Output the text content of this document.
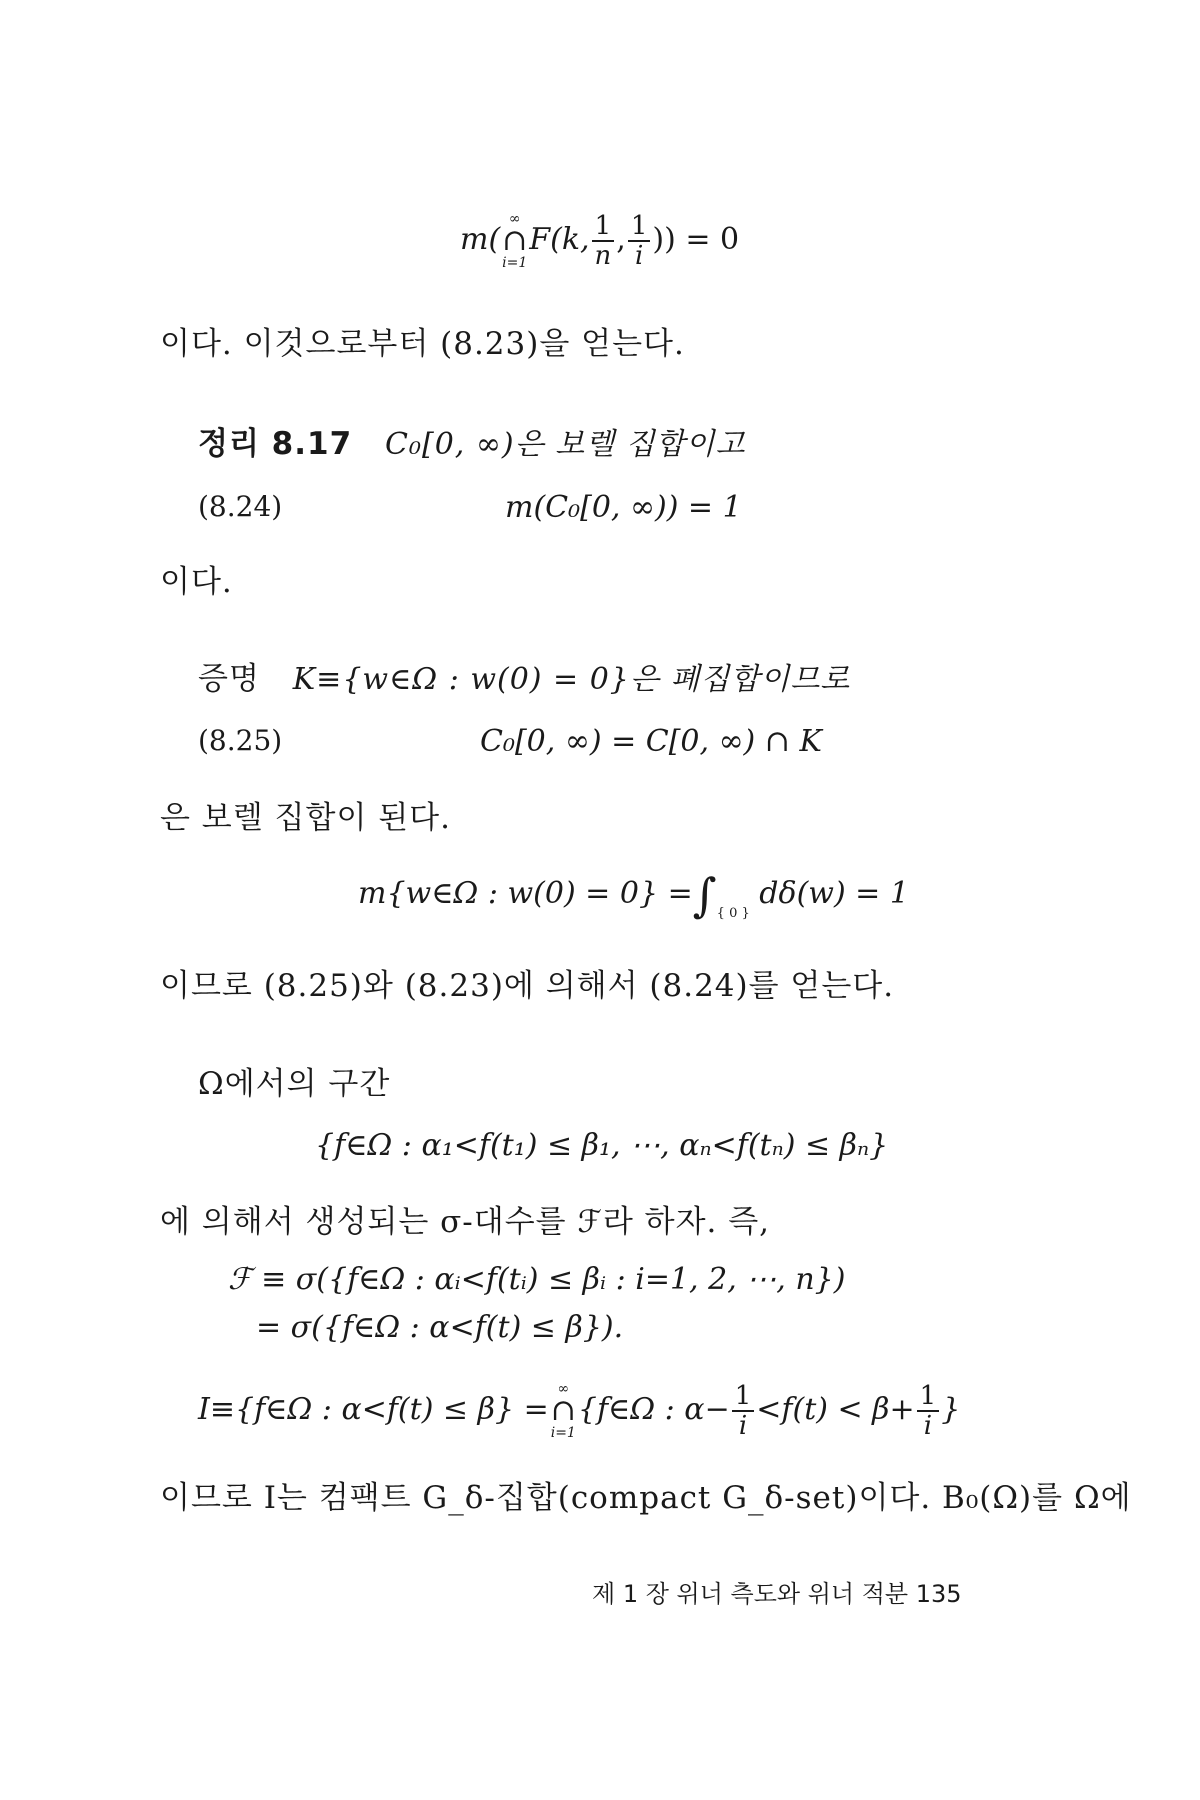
m(
∞
∩
i=1
F(k, $\frac{1}{n}$ , $\frac{1}{i}$ )) = 0
이다. 이것으로부터 (8.23)을 얻는다.
정리 8.17 C₀[0, ∞)은 보렐 집합이고
(8.24)	m(C₀[0, ∞)) = 1
이다.
증명 K≡{w∈Ω : w(0) = 0}은 폐집합이므로
(8.25)	C₀[0, ∞) = C[0, ∞) ∩ K
은 보렐 집합이 된다.
m{w∈Ω : $w(0) = 0\} =\int_{\{ 0 \}}$ dδ(w) = 1
이므로 (8.25)와 (8.23)에 의해서 (8.24)를 얻는다.
Ω에서의 구간
{f∈Ω : α₁<f(t₁) ≤ β₁, ⋯, αₙ<f(tₙ) ≤ βₙ}
에 의해서 생성되는 σ-대수를 ℱ라 하자. 즉,
ℱ ≡ σ({f∈Ω : αᵢ<f(tᵢ) ≤ βᵢ : i=1, 2, ⋯, n})
= σ({f∈Ω : α<f(t) ≤ β}).
I≡{f∈Ω : α<f(t) ≤ β} =
∞
∩
i=1
{f∈Ω : $\alpha- \frac{1}{i} <f(t) < \beta+ \frac{1}{i}$ }
이므로 I는 컴팩트 G_δ-집합(compact G_δ-set)이다. B₀(Ω)를 Ω에
제 1 장 위너 측도와 위너 적분 135
